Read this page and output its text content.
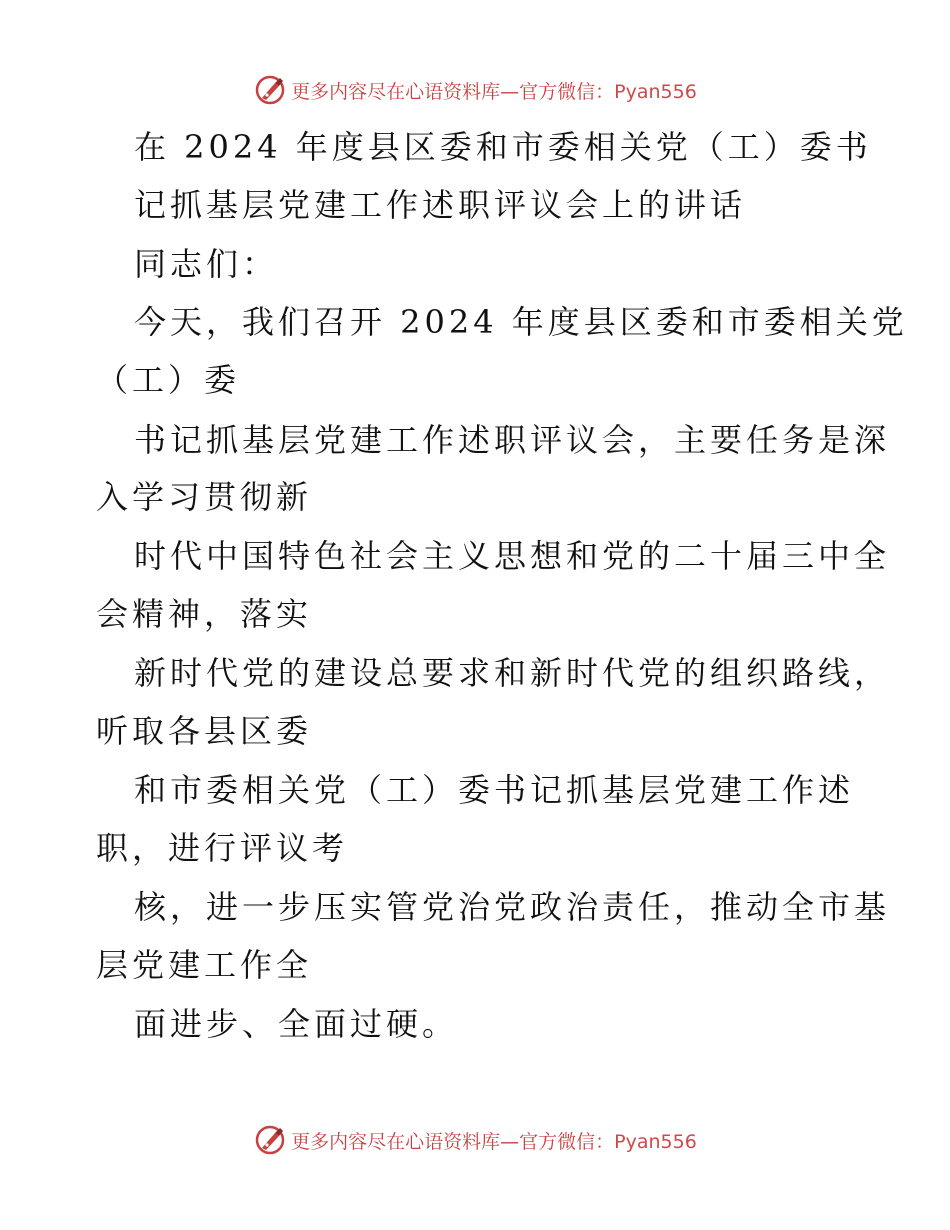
更多内容尽在心语资料库—官方微信：Pyan556
在 2024 年度县区委和市委相关党（工）委书
记抓基层党建工作述职评议会上的讲话
同志们：
今天，我们召开 2024 年度县区委和市委相关党
（工）委
书记抓基层党建工作述职评议会，主要任务是深
入学习贯彻新
时代中国特色社会主义思想和党的二十届三中全
会精神，落实
新时代党的建设总要求和新时代党的组织路线，
听取各县区委
和市委相关党（工）委书记抓基层党建工作述
职，进行评议考
核，进一步压实管党治党政治责任，推动全市基
层党建工作全
面进步、全面过硬。
更多内容尽在心语资料库—官方微信：Pyan556
